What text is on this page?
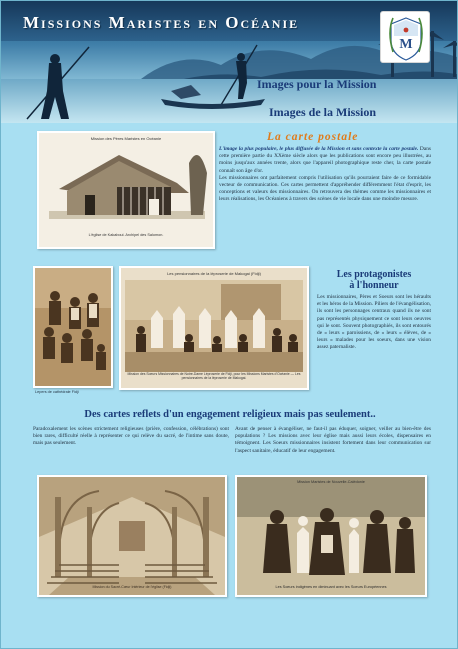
Missions Maristes en Océanie
M
Images pour la Mission
Images de la Mission
Mission des Pères Maristes en Océanie
L'église de Kakaboui. Archipel des Salomon.
La carte postale
L'image la plus populaire, le plus diffusée de la Mission et sans contexte la carte postale. Dans cette première partie du XXème siècle alors que les publications sont encore peu illustrées, au moins jusqu'aux années trente, alors que l'appareil photographique reste cher, la carte postale connaît son âge d'or.
Les missionnaires ont parfaitement compris l'utilisation qu'ils pourraient faire de ce formidable vecteur de communication. Ces cartes permettent d'appréhender différemment l'état d'esprit, les conceptions et valeurs des missionnaires. On retrouvera des thèmes comme les missionnaires et leurs réalisations, les Océaniens à travers des scènes de vie locale dans une moindre mesure.
Lepers de cathédrale Fidji
Les pensionnaires de la léproserie de Makogai (Fidji)
Mission des Soeurs Missionnaires de Notre-Dame Léproserie de Fidji, pour les Missions Maristes d'Océanie — Les pensionnaires de la léproserie de Makogai.
Les protagonistes
à l'honneur
Les missionnaires, Pères et Soeurs sont les héraults et les héros de la Mission. Piliers de l'évangélisation, ils sont les personnages centraux quand ils ne sont pas représentés physiquement ce sont leurs oeuvres qui le sont. Souvent photographiés, ils sont entourés de « leurs » paroissiens, de « leurs » élèves, de « leurs » malades pour les soeurs, dans une vision assez paternaliste.
Des cartes reflets d'un engagement religieux mais pas seulement..
Paradoxalement les scènes strictement religieuses (prière, confession, célébrations) sont bien rares, difficulté réelle à représenter ce qui relève du sacré, de l'intime sans doute, mais pas seulement.
Avant de penser à évangéliser, ne faut-il pas éduquer, soigner, veiller au bien-être des populations ? Les missions avec leur église mais aussi leurs écoles, dispensaires en témoignent. Les Soeurs missionnaires insistent fortement dans leur communication sur l'aspect sanitaire, éducatif de leur engagement.
Mission du Sacré-Cœur Intérieur de l'église (Fidji)
Mission Maristes de Nouvelle-Calédonie
Les Soeurs indigènes en diminuant avec les Soeurs Européennes
